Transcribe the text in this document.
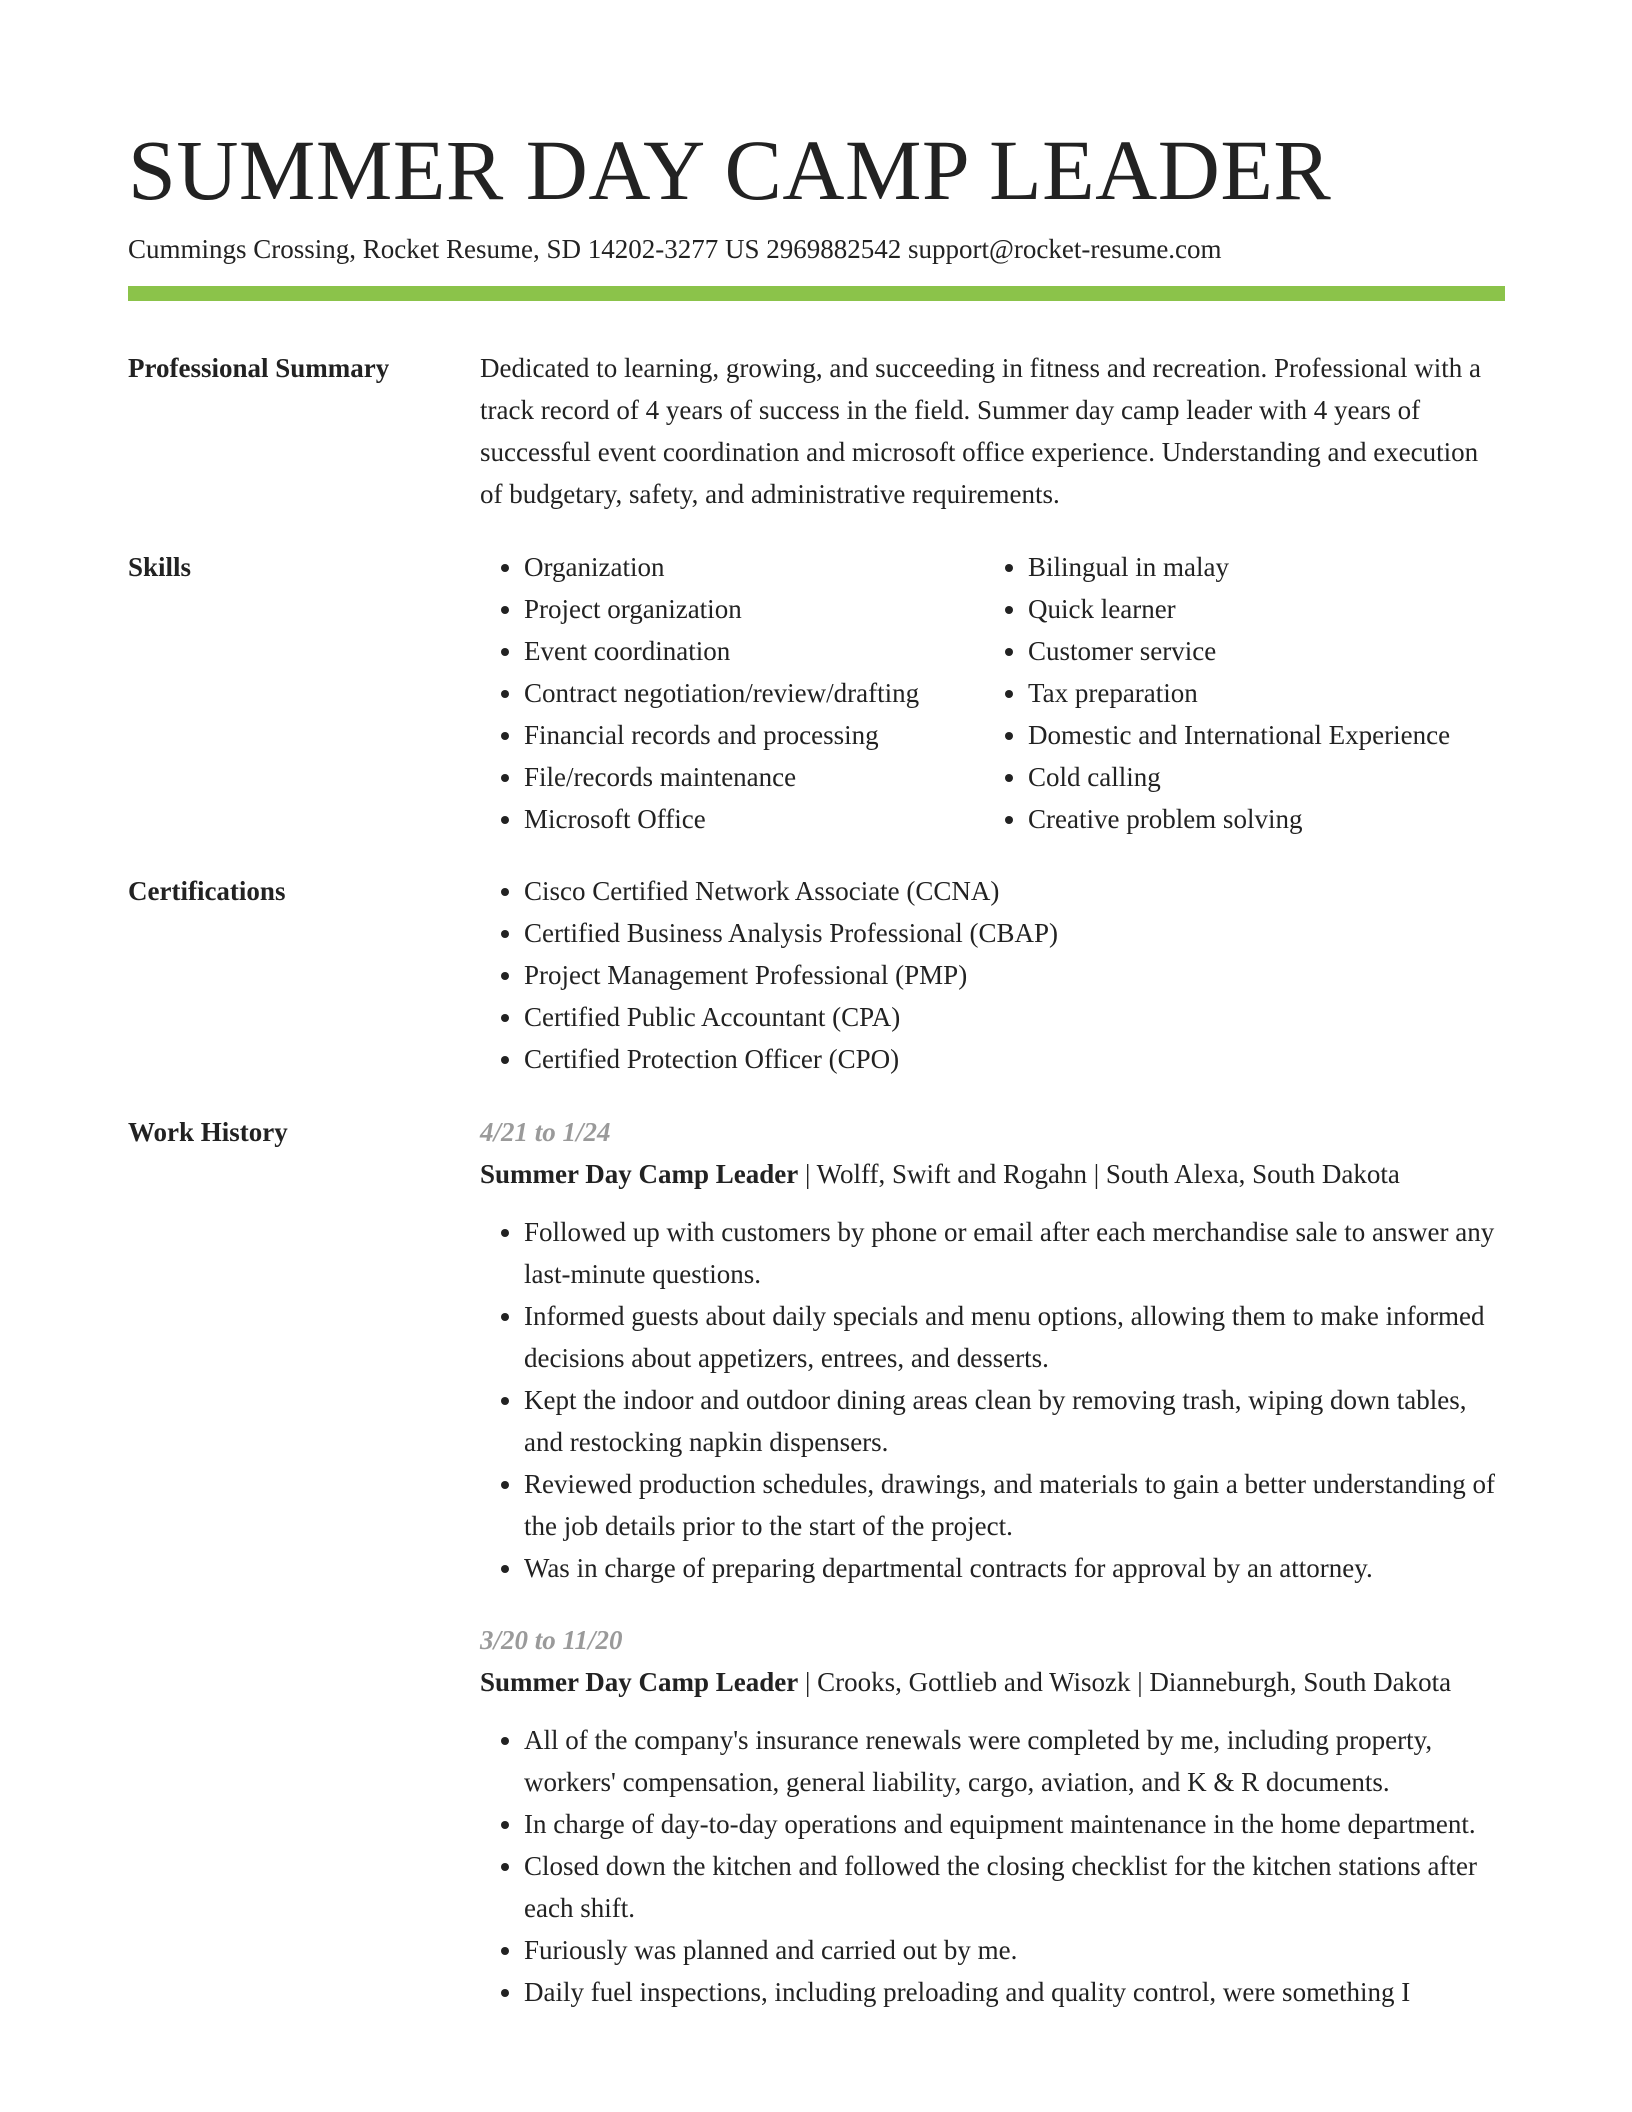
SUMMER DAY CAMP LEADER
Cummings Crossing, Rocket Resume, SD 14202-3277 US 2969882542 support@rocket-resume.com
Professional Summary	Dedicated to learning, growing, and succeeding in fitness and recreation. Professional with a track record of 4 years of success in the field. Summer day camp leader with 4 years of successful event coordination and microsoft office experience. Understanding and execution of budgetary, safety, and administrative requirements.

Skills	• Organization
• Project organization
• Event coordination
• Contract negotiation/review/drafting
• Financial records and processing
• File/records maintenance
• Microsoft Office
• Bilingual in malay
• Quick learner
• Customer service
• Tax preparation
• Domestic and International Experience
• Cold calling
• Creative problem solving
Certifications	• Cisco Certified Network Associate (CCNA)
• Certified Business Analysis Professional (CBAP)
• Project Management Professional (PMP)
• Certified Public Accountant (CPA)
• Certified Protection Officer (CPO)
Work History	4/21 to 1/24
Summer Day Camp Leader | Wolff, Swift and Rogahn | South Alexa, South Dakota
• Followed up with customers by phone or email after each merchandise sale to answer any last-minute questions.
• Informed guests about daily specials and menu options, allowing them to make informed decisions about appetizers, entrees, and desserts.
• Kept the indoor and outdoor dining areas clean by removing trash, wiping down tables, and restocking napkin dispensers.
• Reviewed production schedules, drawings, and materials to gain a better understanding of the job details prior to the start of the project.
• Was in charge of preparing departmental contracts for approval by an attorney.
3/20 to 11/20
Summer Day Camp Leader | Crooks, Gottlieb and Wisozk | Dianneburgh, South Dakota
• All of the company's insurance renewals were completed by me, including property, workers' compensation, general liability, cargo, aviation, and K & R documents.
• In charge of day-to-day operations and equipment maintenance in the home department.
• Closed down the kitchen and followed the closing checklist for the kitchen stations after each shift.
• Furiously was planned and carried out by me.
• Daily fuel inspections, including preloading and quality control, were something I
